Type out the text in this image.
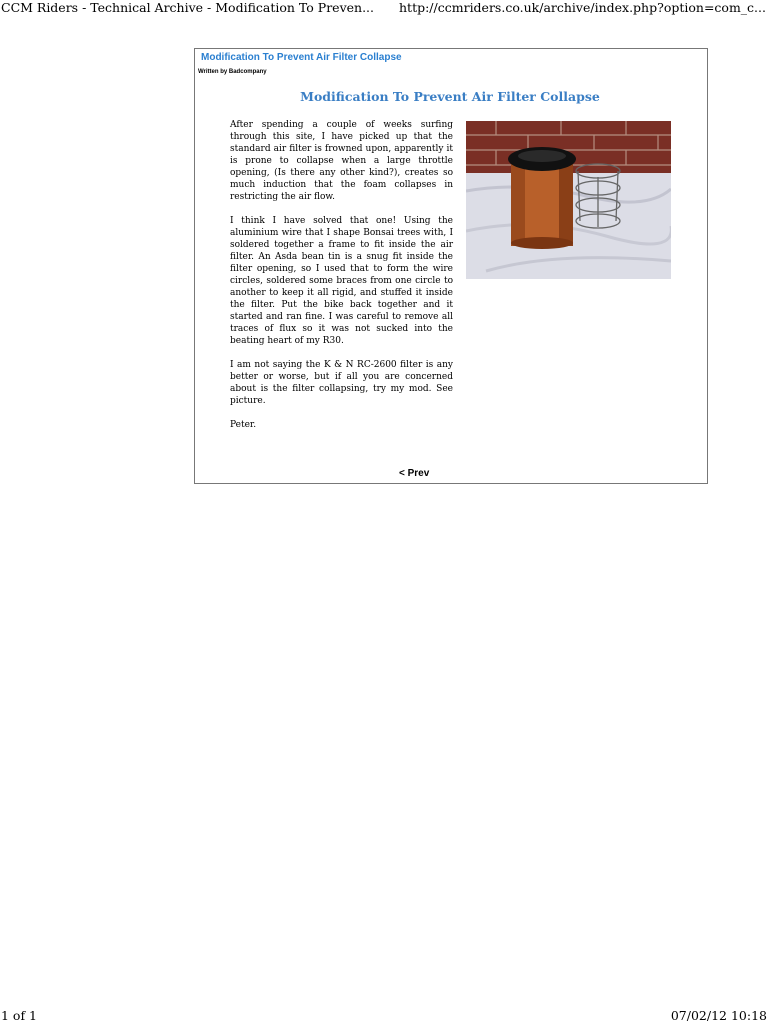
CCM Riders - Technical Archive - Modification To Preven...	http://ccmriders.co.uk/archive/index.php?option=com_c...
Modification To Prevent Air Filter Collapse
Written by Badcompany
Modification To Prevent Air Filter Collapse

After spending a couple of weeks surfing through this site, I have picked up that the standard air filter is frowned upon, apparently it is prone to collapse when a large throttle opening, (Is there any other kind?), creates so much induction that the foam collapses in restricting the air flow.

I think I have solved that one! Using the aluminium wire that I shape Bonsai trees with, I soldered together a frame to fit inside the air filter. An Asda bean tin is a snug fit inside the filter opening, so I used that to form the wire circles, soldered some braces from one circle to another to keep it all rigid, and stuffed it inside the filter. Put the bike back together and it started and ran fine. I was careful to remove all traces of flux so it was not sucked into the beating heart of my R30.

I am not saying the K & N RC-2600 filter is any better or worse, but if all you are concerned about is the filter collapsing, try my mod. See picture.

Peter.

< Prev
1 of 1	07/02/12 10:18
